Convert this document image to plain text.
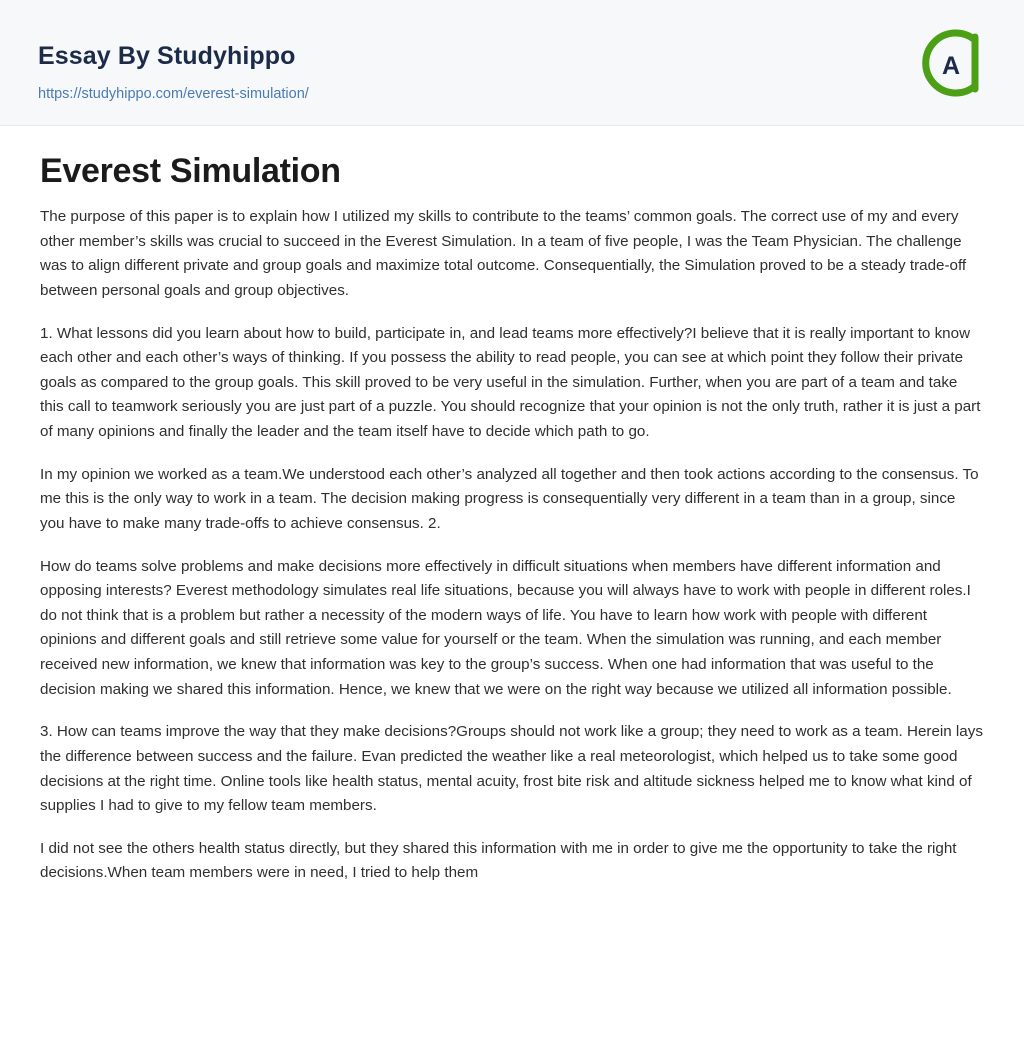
Essay By Studyhippo
https://studyhippo.com/everest-simulation/
A
Everest Simulation

The purpose of this paper is to explain how I utilized my skills to contribute to the teams’ common goals. The correct use of my and every other member’s skills was crucial to succeed in the Everest Simulation. In a team of five people, I was the Team Physician. The challenge was to align different private and group goals and maximize total outcome. Consequentially, the Simulation proved to be a steady trade-off between personal goals and group objectives.

1. What lessons did you learn about how to build, participate in, and lead teams more effectively?I believe that it is really important to know each other and each other’s ways of thinking. If you possess the ability to read people, you can see at which point they follow their private goals as compared to the group goals. This skill proved to be very useful in the simulation. Further, when you are part of a team and take this call to teamwork seriously you are just part of a puzzle. You should recognize that your opinion is not the only truth, rather it is just a part of many opinions and finally the leader and the team itself have to decide which path to go.

In my opinion we worked as a team.We understood each other’s analyzed all together and then took actions according to the consensus. To me this is the only way to work in a team. The decision making progress is consequentially very different in a team than in a group, since you have to make many trade-offs to achieve consensus. 2.

How do teams solve problems and make decisions more effectively in difficult situations when members have different information and opposing interests? Everest methodology simulates real life situations, because you will always have to work with people in different roles.I do not think that is a problem but rather a necessity of the modern ways of life. You have to learn how work with people with different opinions and different goals and still retrieve some value for yourself or the team. When the simulation was running, and each member received new information, we knew that information was key to the group’s success. When one had information that was useful to the decision making we shared this information. Hence, we knew that we were on the right way because we utilized all information possible.

3. How can teams improve the way that they make decisions?Groups should not work like a group; they need to work as a team. Herein lays the difference between success and the failure. Evan predicted the weather like a real meteorologist, which helped us to take some good decisions at the right time. Online tools like health status, mental acuity, frost bite risk and altitude sickness helped me to know what kind of supplies I had to give to my fellow team members.

I did not see the others health status directly, but they shared this information with me in order to give me the opportunity to take the right decisions.When team members were in need, I tried to help them
